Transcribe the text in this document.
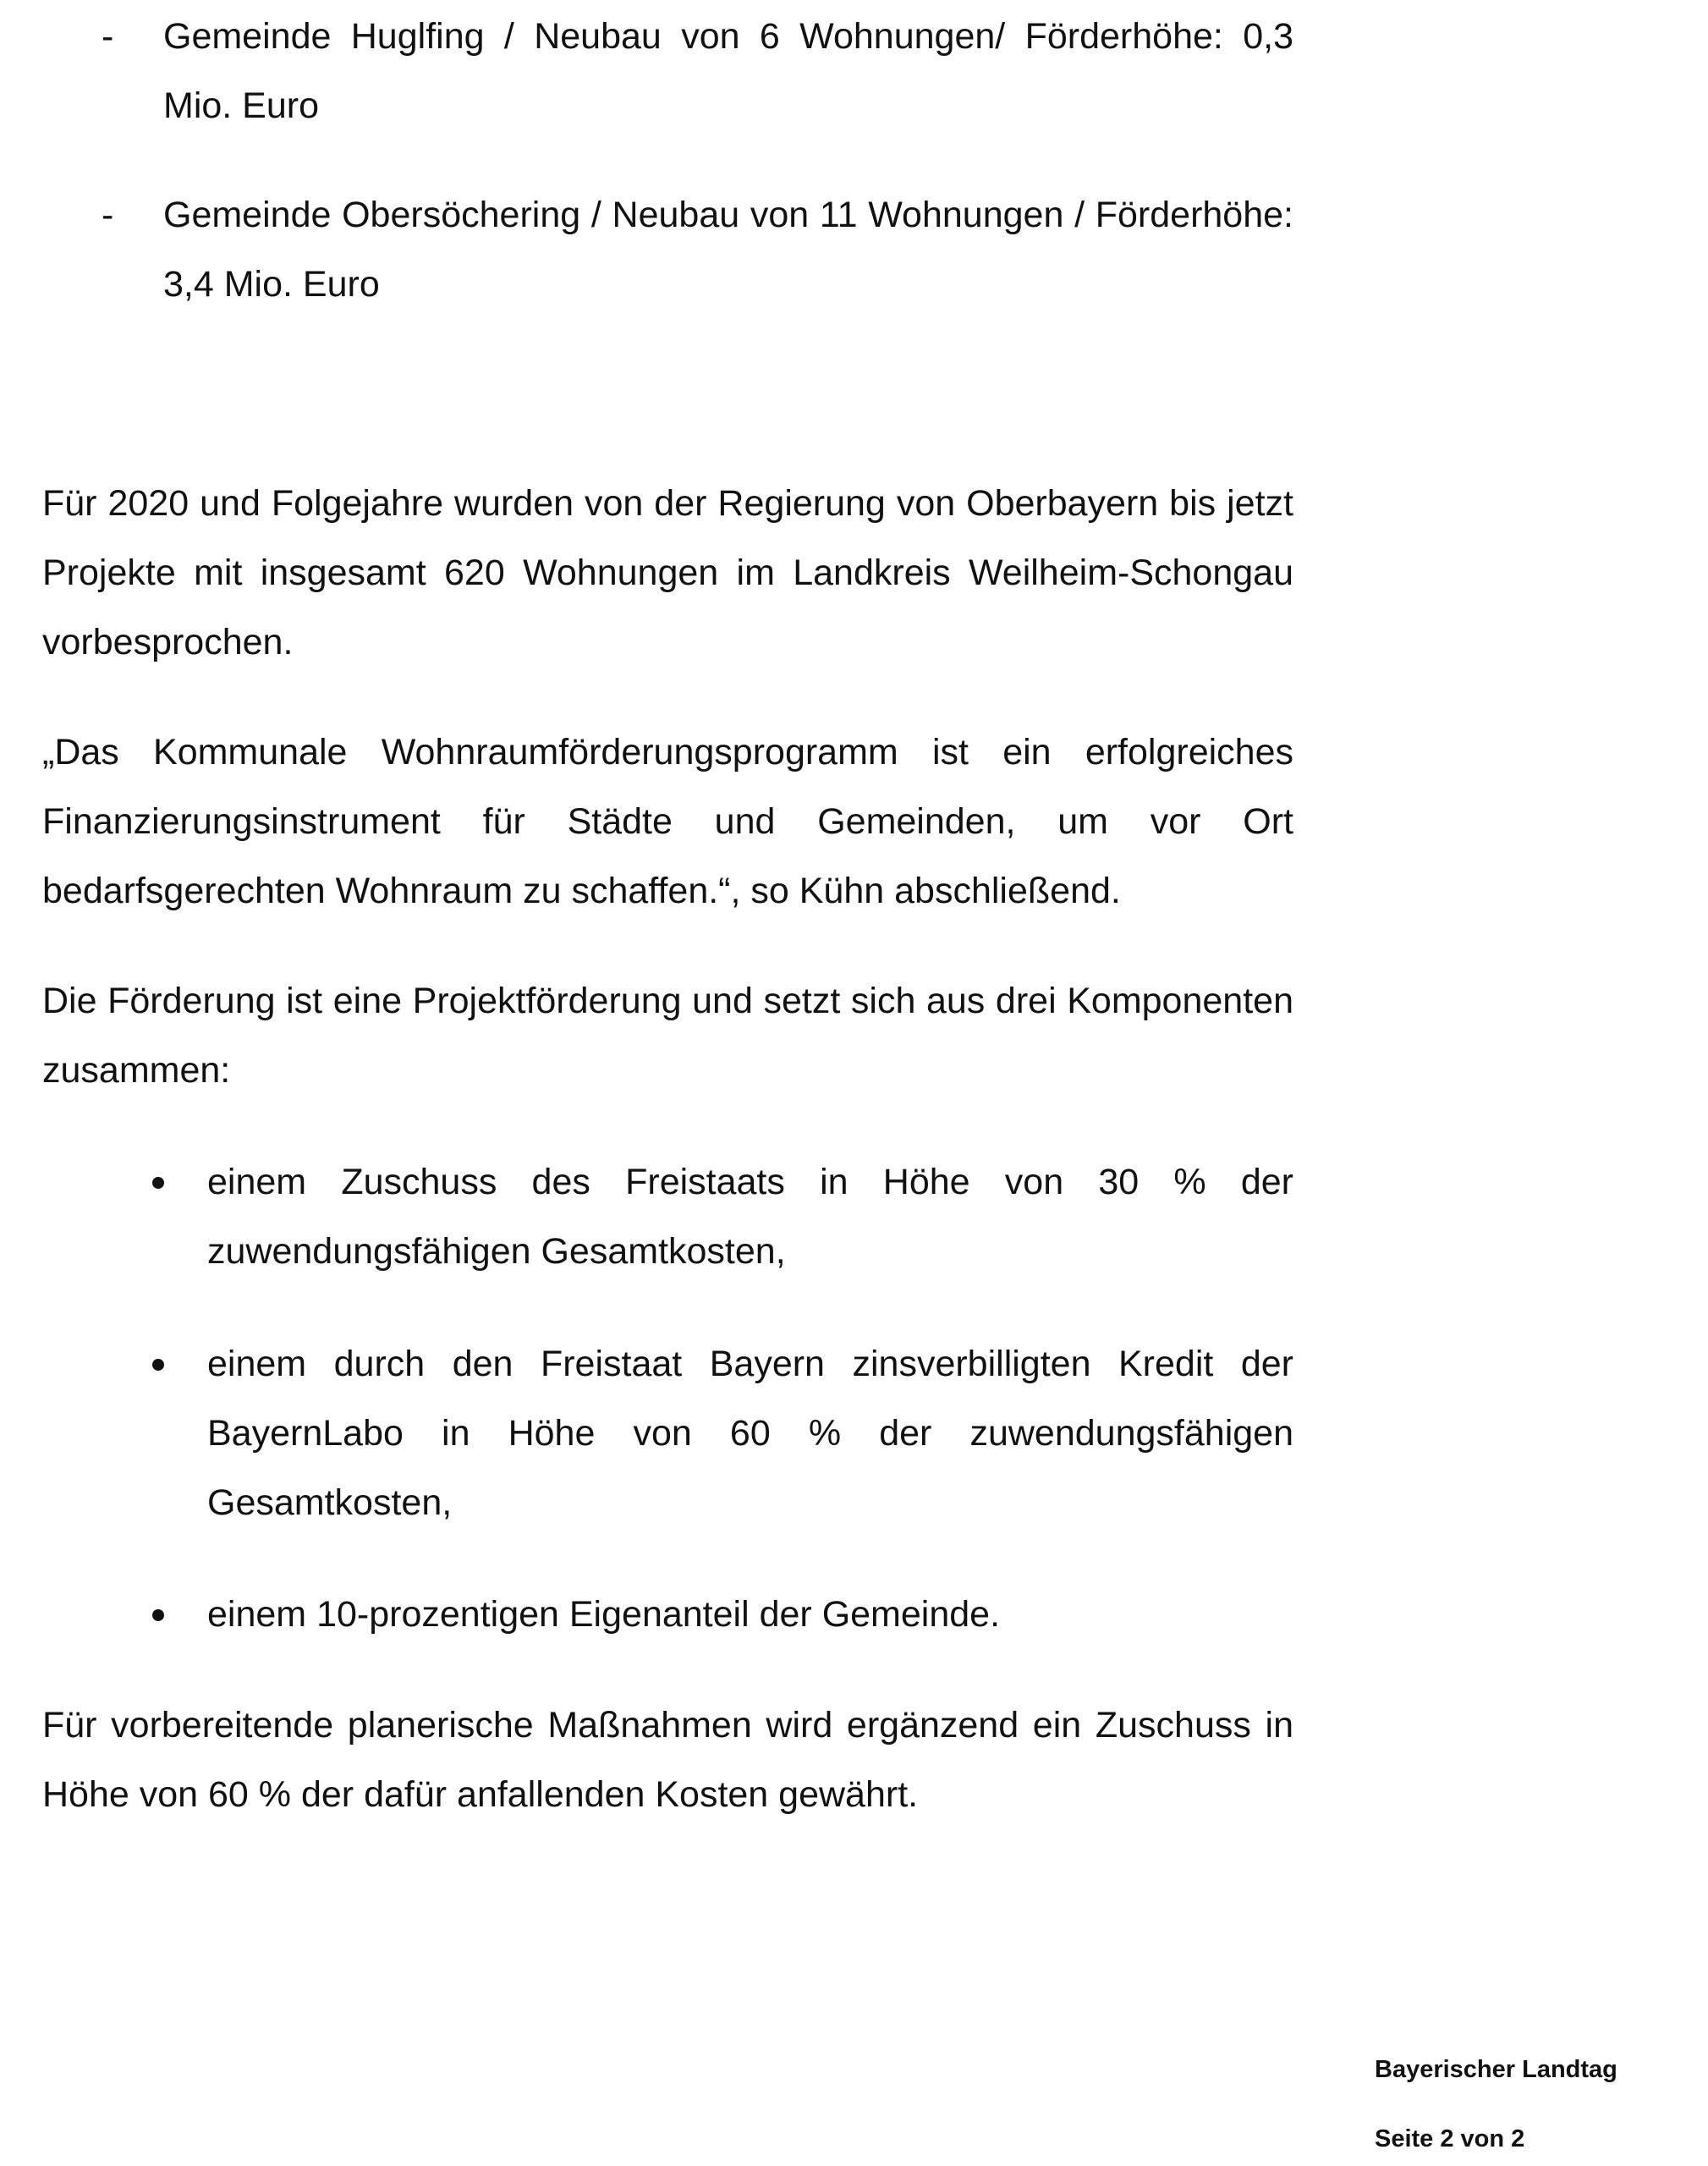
- Gemeinde Huglfing / Neubau von 6 Wohnungen/ Förderhöhe: 0,3 Mio. Euro

- Gemeinde Obersöchering / Neubau von 11 Wohnungen / Förderhöhe: 3,4 Mio. Euro

Für 2020 und Folgejahre wurden von der Regierung von Oberbayern bis jetzt Projekte mit insgesamt 620 Wohnungen im Landkreis Weilheim-Schongau vorbesprochen.

„Das Kommunale Wohnraumförderungsprogramm ist ein erfolgreiches Finanzierungsinstrument für Städte und Gemeinden, um vor Ort bedarfsgerechten Wohnraum zu schaffen.“, so Kühn abschließend.

Die Förderung ist eine Projektförderung und setzt sich aus drei Komponenten zusammen:

einem Zuschuss des Freistaats in Höhe von 30 % der zuwendungsfähigen Gesamtkosten,

einem durch den Freistaat Bayern zinsverbilligten Kredit der BayernLabo in Höhe von 60 % der zuwendungsfähigen Gesamtkosten,

einem 10-prozentigen Eigenanteil der Gemeinde.

Für vorbereitende planerische Maßnahmen wird ergänzend ein Zuschuss in Höhe von 60 % der dafür anfallenden Kosten gewährt.

Bayerischer Landtag
Seite 2 von 2
